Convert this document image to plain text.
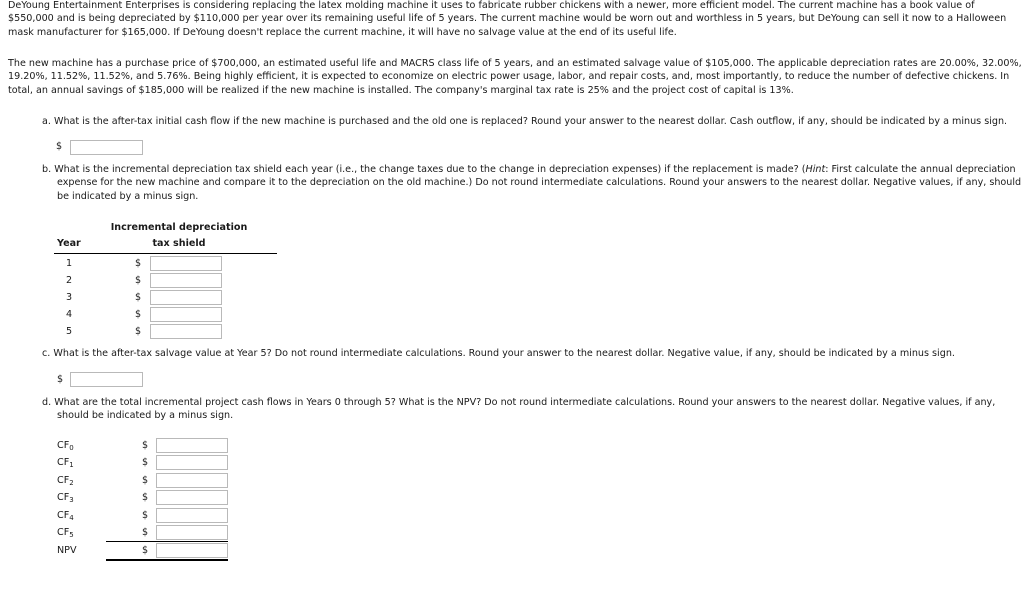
DeYoung Entertainment Enterprises is considering replacing the latex molding machine it uses to fabricate rubber chickens with a newer, more efficient model. The current machine has a book value of $550,000 and is being depreciated by $110,000 per year over its remaining useful life of 5 years. The current machine would be worn out and worthless in 5 years, but DeYoung can sell it now to a Halloween mask manufacturer for $165,000. If DeYoung doesn't replace the current machine, it will have no salvage value at the end of its useful life.

The new machine has a purchase price of $700,000, an estimated useful life and MACRS class life of 5 years, and an estimated salvage value of $105,000. The applicable depreciation rates are 20.00%, 32.00%, 19.20%, 11.52%, 11.52%, and 5.76%. Being highly efficient, it is expected to economize on electric power usage, labor, and repair costs, and, most importantly, to reduce the number of defective chickens. In total, an annual savings of $185,000 will be realized if the new machine is installed. The company's marginal tax rate is 25% and the project cost of capital is 13%.

a. What is the after-tax initial cash flow if the new machine is purchased and the old one is replaced? Round your answer to the nearest dollar. Cash outflow, if any, should be indicated by a minus sign.

$

b. What is the incremental depreciation tax shield each year (i.e., the change taxes due to the change in depreciation expenses) if the replacement is made? (Hint: First calculate the annual depreciation expense for the new machine and compare it to the depreciation on the old machine.) Do not round intermediate calculations. Round your answers to the nearest dollar. Negative values, if any, should be indicated by a minus sign.

Incremental depreciation
tax shield
Year
1	$
2	$
3	$
4	$
5	$

c. What is the after-tax salvage value at Year 5? Do not round intermediate calculations. Round your answer to the nearest dollar. Negative value, if any, should be indicated by a minus sign.

$

d. What are the total incremental project cash flows in Years 0 through 5? What is the NPV? Do not round intermediate calculations. Round your answers to the nearest dollar. Negative values, if any, should be indicated by a minus sign.

$CF_0$	$
$CF_1$	$
$CF_2$	$
$CF_3$	$
$CF_4$	$
$CF_5$	$
NPV	$
